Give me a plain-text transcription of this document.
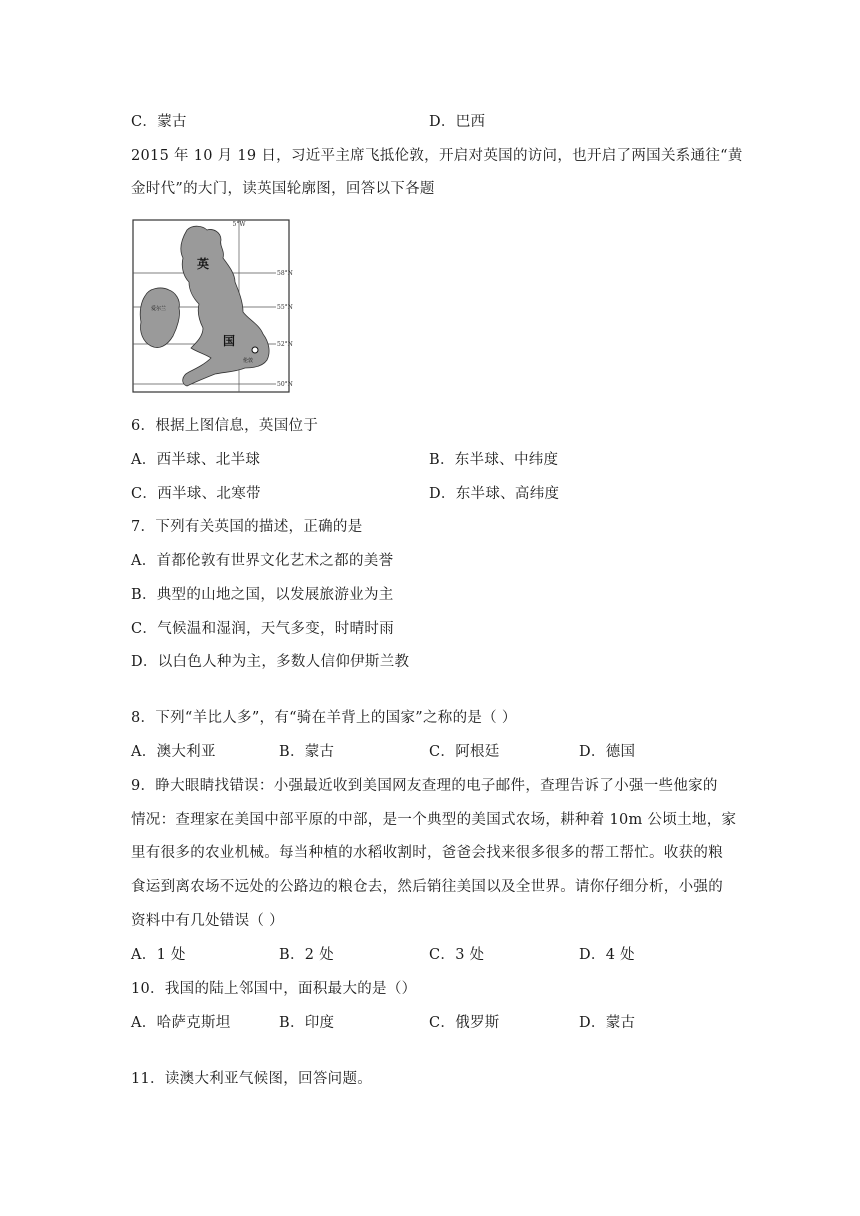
C．蒙古	D．巴西
2015 年 10 月 19 日，习近平主席飞抵伦敦，开启对英国的访问，也开启了两国关系通往“黄
金时代”的大门，读英国轮廓图，回答以下各题
5°W
58°N
55°N
52°N
50°N
英
国
爱尔兰
伦敦
6．根据上图信息，英国位于
A．西半球、北半球	B．东半球、中纬度
C．西半球、北寒带	D．东半球、高纬度
7．下列有关英国的描述，正确的是
A．首都伦敦有世界文化艺术之都的美誉
B．典型的山地之国，以发展旅游业为主
C．气候温和湿润，天气多变，时晴时雨
D．以白色人种为主，多数人信仰伊斯兰教
8．下列“羊比人多”，有“骑在羊背上的国家”之称的是（ ）
A．澳大利亚	B．蒙古	C．阿根廷	D．德国
9．睁大眼睛找错误：小强最近收到美国网友查理的电子邮件，查理告诉了小强一些他家的
情况：查理家在美国中部平原的中部，是一个典型的美国式农场，耕种着 10m 公顷土地，家
里有很多的农业机械。每当种植的水稻收割时，爸爸会找来很多很多的帮工帮忙。收获的粮
食运到离农场不远处的公路边的粮仓去，然后销往美国以及全世界。请你仔细分析，小强的
资料中有几处错误（ ）
A．1 处	B．2 处	C．3 处	D．4 处
10．我国的陆上邻国中，面积最大的是（）
A．哈萨克斯坦	B．印度	C．俄罗斯	D．蒙古
11．读澳大利亚气候图，回答问题。
